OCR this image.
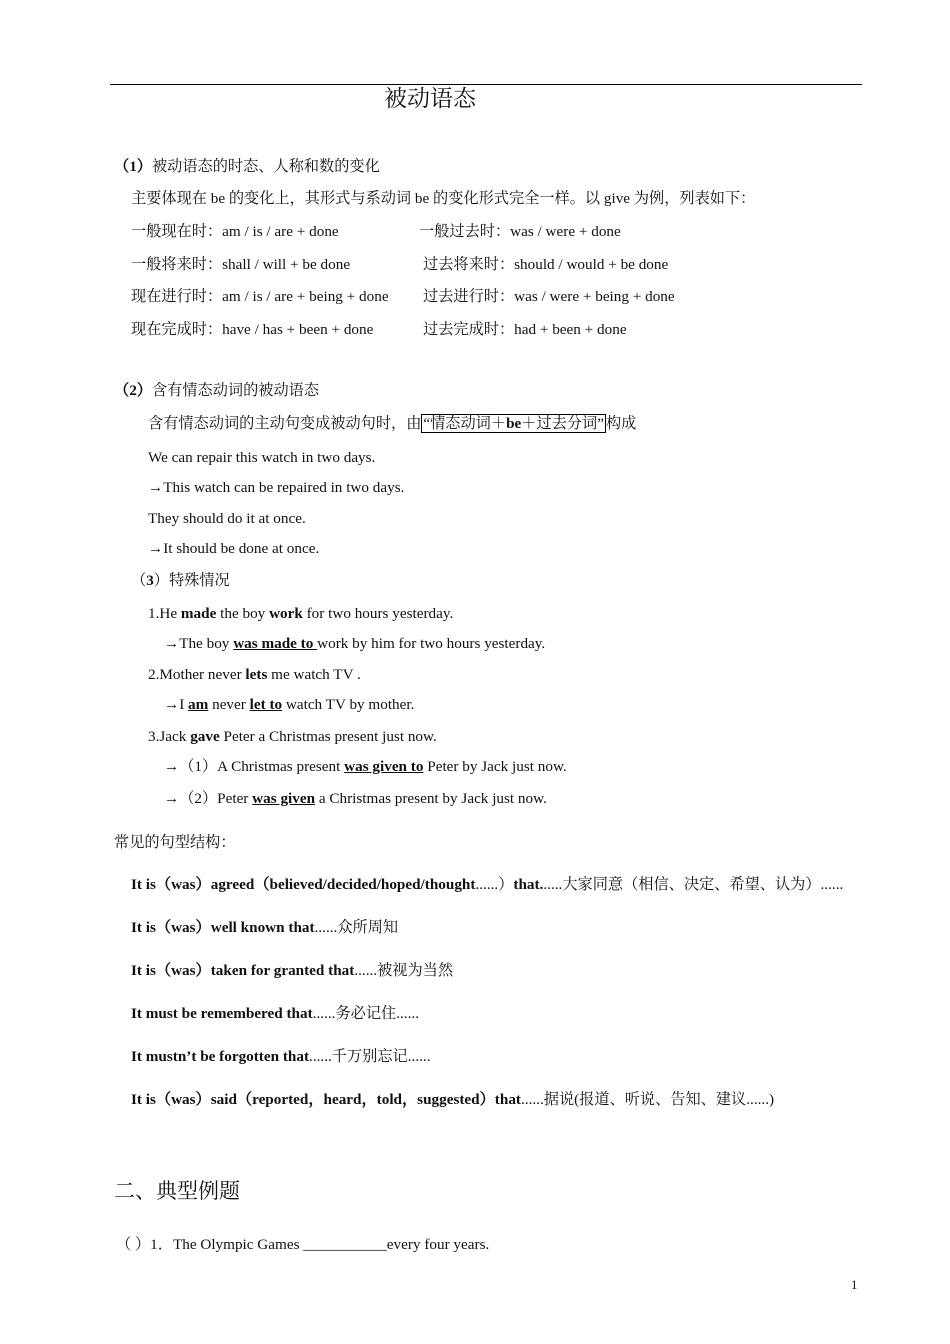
被动语态
（1）被动语态的时态、人称和数的变化
主要体现在 be 的变化上，其形式与系动词 be 的变化形式完全一样。以 give 为例，列表如下：
一般现在时：am / is / are + done	一般过去时：was / were + done
一般将来时：shall / will + be done	过去将来时：should / would + be done
现在进行时：am / is / are + being + done 过去进行时：was / were + being + done
现在完成时：have / has + been + done	过去完成时：had + been + done
（2）含有情态动词的被动语态
含有情态动词的主动句变成被动句时，由 “情态动词＋be＋过去分词” 构成
We can repair this watch in two days.
→This watch can be repaired in two days.
They should do it at once.
→It should be done at once.
（3）特殊情况
1.He made the boy work for two hours yesterday.
→The boy was made to work by him for two hours yesterday.
2.Mother never lets me watch TV .
→I am never let to watch TV by mother.
3.Jack gave Peter a Christmas present just now.
→（1）A Christmas present was given to Peter by Jack just now.
→（2）Peter was given a Christmas present by Jack just now.
常见的句型结构：
It is（was）agreed（believed/decided/hoped/thought......）that......大家同意（相信、决定、希望、认为）......
It is（was）well known that......众所周知
It is（was）taken for granted that......被视为当然
It must be remembered that......务必记住......
It mustn’t be forgotten that......千万别忘记......
It is（was）said（reported，heard，told，suggested）that......据说(报道、听说、告知、建议......)
二、典型例题
（ ）1．The Olympic Games ___________every four years.
1
